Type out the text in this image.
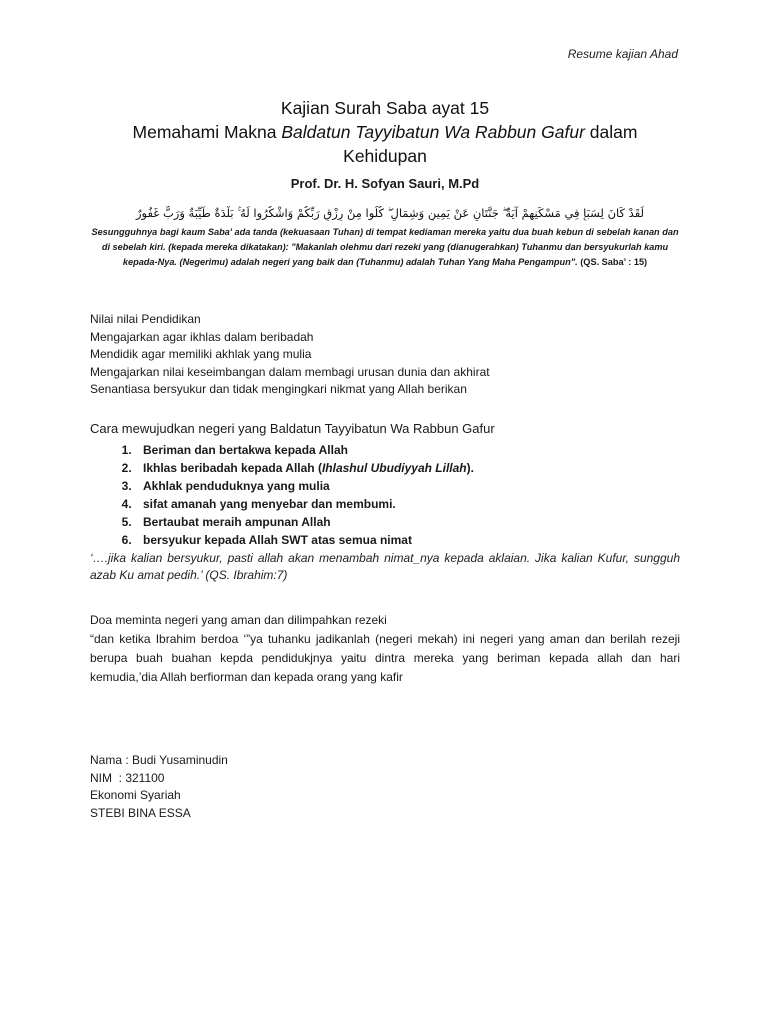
Resume kajian Ahad
Kajian Surah Saba ayat 15
Memahami Makna Baldatun Tayyibatun Wa Rabbun Gafur dalam
Kehidupan
Prof. Dr. H. Sofyan Sauri, M.Pd
لَقَدْ كَانَ لِسَبَإٍ فِي مَسْكَنِهِمْ آيَةٌ ۖ جَنَّتَانِ عَنْ يَمِينٍ وَشِمَالٍ ۖ كُلُوا مِنْ رِزْقِ رَبِّكُمْ وَاشْكُرُوا لَهُ ۚ بَلْدَةٌ طَيِّبَةٌ وَرَبٌّ غَفُورٌ
Sesungguhnya bagi kaum Saba' ada tanda (kekuasaan Tuhan) di tempat kediaman mereka yaitu dua buah kebun di sebelah kanan dan di sebelah kiri. (kepada mereka dikatakan): "Makanlah olehmu dari rezeki yang (dianugerahkan) Tuhanmu dan bersyukurlah kamu kepada-Nya. (Negerimu) adalah negeri yang baik dan (Tuhanmu) adalah Tuhan Yang Maha Pengampun". (QS. Saba’ : 15)
Nilai nilai Pendidikan
Mengajarkan agar ikhlas dalam beribadah
Mendidik agar memiliki akhlak yang mulia
Mengajarkan nilai keseimbangan dalam membagi urusan dunia dan akhirat
Senantiasa bersyukur dan tidak mengingkari nikmat yang Allah berikan
Cara mewujudkan negeri yang Baldatun Tayyibatun Wa Rabbun Gafur
1. Beriman dan bertakwa kepada Allah
2. Ikhlas beribadah kepada Allah (Ihlashul Ubudiyyah Lillah).
3. Akhlak penduduknya yang mulia
4. sifat amanah yang menyebar dan membumi.
5. Bertaubat meraih ampunan Allah
6. bersyukur kepada Allah SWT atas semua nimat
‘….jika kalian bersyukur, pasti allah akan menambah nimat_nya kepada aklaian. Jika kalian Kufur, sungguh azab Ku amat pedih.’ (QS. Ibrahim:7)
Doa meminta negeri yang aman dan dilimpahkan rezeki
“dan ketika Ibrahim berdoa ‘”ya tuhanku jadikanlah (negeri mekah) ini negeri yang aman dan berilah rezeji berupa buah buahan kepda pendidukjnya yaitu dintra mereka yang beriman kepada allah dan hari kemudia,’dia Allah berfiorman dan kepada orang yang kafir
Nama : Budi Yusaminudin
NIM  : 321100
Ekonomi Syariah
STEBI BINA ESSA
